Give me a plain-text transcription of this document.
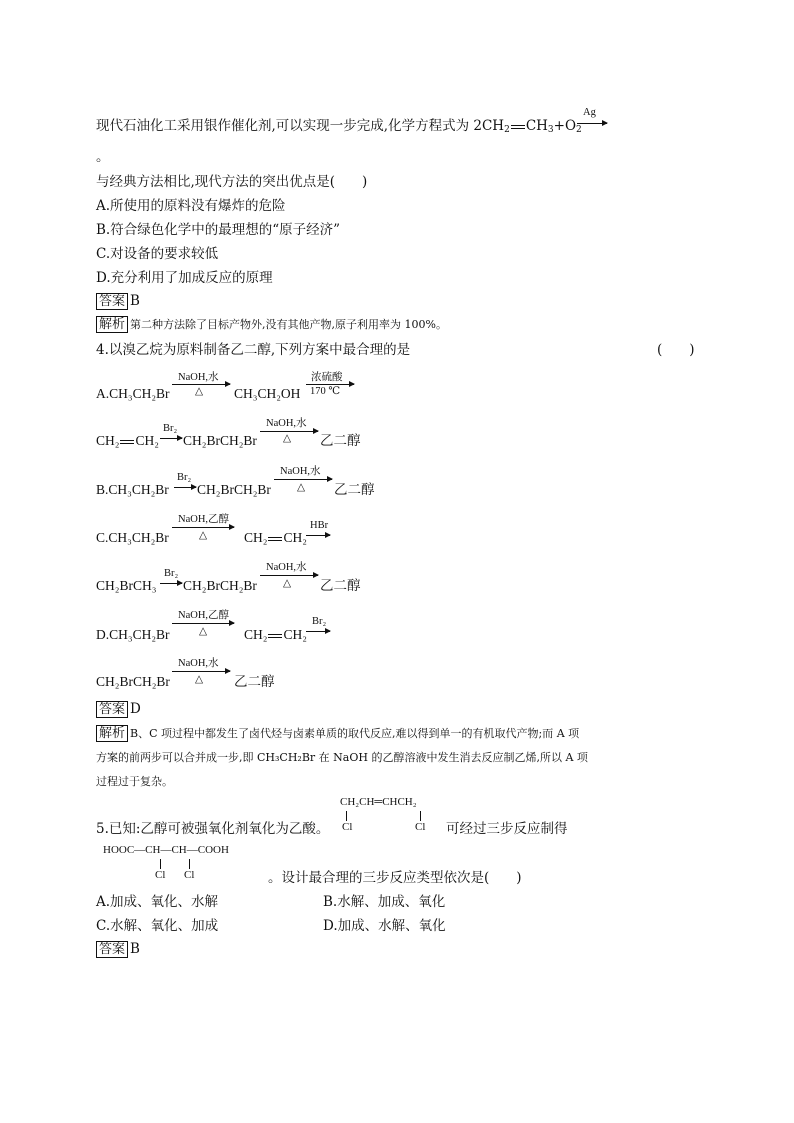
现代石油化工采用银作催化剂,可以实现一步完成,化学方程式为 $2CH_2$ $CH_3+O_2$
Ag
。
与经典方法相比,现代方法的突出优点是(　　)
A.所使用的原料没有爆炸的危险
B.符合绿色化学中的最理想的“原子经济”
C.对设备的要求较低
D.充分利用了加成反应的原理
答案 B
解析 第二种方法除了目标产物外,没有其他产物,原子利用率为 100%。
4.以溴乙烷为原料制备乙二醇,下列方案中最合理的是	(　　)
A.CH₃CH₂Br
NaOH,水
△ CH₃CH₂OH
浓硫酸
170 ℃
CH₂ CH₂
Br₂
→ CH₂BrCH₂Br
NaOH,水
△ 乙二醇
B.CH₃CH₂Br
Br₂
→ CH₂BrCH₂Br
NaOH,水
△ 乙二醇
C.CH₃CH₂Br
NaOH,乙醇
△	CH₂ CH₂
HBr
CH₂BrCH₃
Br₂
→ CH₂BrCH₂Br
NaOH,水
△ 乙二醇
D.CH₃CH₂Br
NaOH,乙醇
△	CH₂ CH₂
Br₂
CH₂BrCH₂Br
NaOH,水
△ 乙二醇
答案 D
解析 B、C 项过程中都发生了卤代烃与卤素单质的取代反应,难以得到单一的有机取代产物;而 A 项
方案的前两步可以合并成一步,即 CH₃CH₂Br 在 NaOH 的乙醇溶液中发生消去反应制乙烯,所以 A 项
过程过于复杂。
CH₂CH═CHCH₂
Cl	Cl
5.已知:乙醇可被强氧化剂氧化为乙酸。	可经过三步反应制得
HOOC—CH—CH—COOH
Cl Cl	。设计最合理的三步反应类型依次是(　　)
A.加成、氧化、水解	B.水解、加成、氧化
C.水解、氧化、加成	D.加成、水解、氧化
答案 B
